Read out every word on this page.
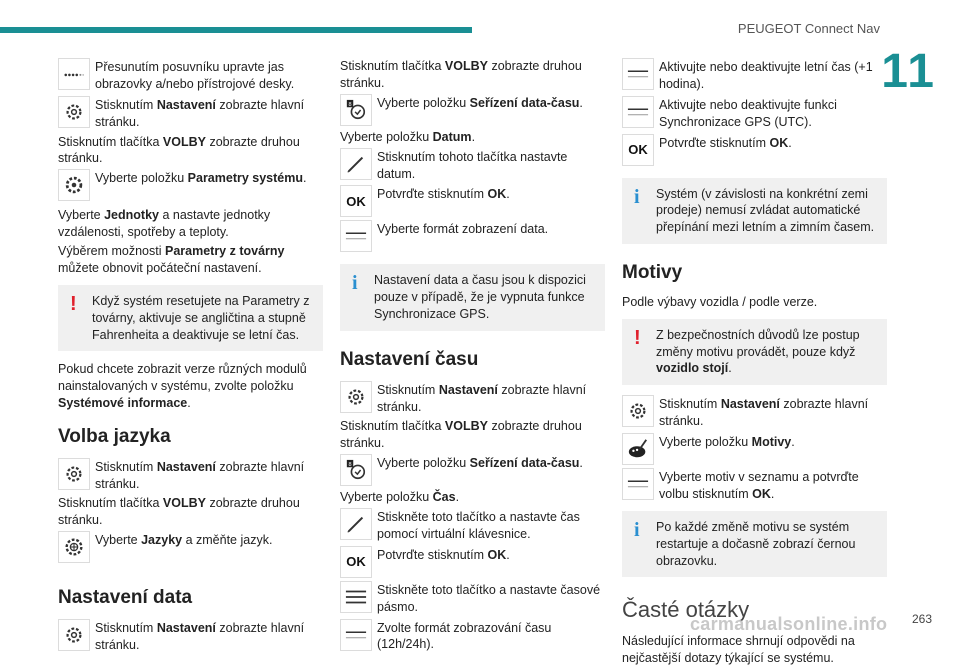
PEUGEOT Connect Nav
11
Přesunutím posuvníku upravte jas obrazovky a/nebo přístrojové desky.
Stisknutím Nastavení zobrazte hlavní stránku.

Stisknutím tlačítka VOLBY zobrazte druhou stránku.

Vyberte položku Parametry systému.

Vyberte Jednotky a nastavte jednotky vzdálenosti, spotřeby a teploty.

Výběrem možnosti Parametry z továrny můžete obnovit počáteční nastavení.

!	Když systém resetujete na Parametry z továrny, aktivuje se angličtina a stupně Fahrenheita a deaktivuje se letní čas.

Pokud chcete zobrazit verze různých modulů nainstalovaných v systému, zvolte položku Systémové informace.

Volba jazyka
Stisknutím Nastavení zobrazte hlavní stránku.

Stisknutím tlačítka VOLBY zobrazte druhou stránku.

Vyberte Jazyky a změňte jazyk.
Nastavení data
Stisknutím Nastavení zobrazte hlavní stránku.

Stisknutím tlačítka VOLBY zobrazte druhou stránku.

8 Vyberte položku Seřízení data-času.

Vyberte položku Datum.

Stisknutím tohoto tlačítka nastavte datum.
OK Potvrďte stisknutím OK.
Vyberte formát zobrazení data.
i	Nastavení data a času jsou k dispozici pouze v případě, že je vypnuta funkce Synchronizace GPS.
Nastavení času
Stisknutím Nastavení zobrazte hlavní stránku.

Stisknutím tlačítka VOLBY zobrazte druhou stránku.

8 Vyberte položku Seřízení data-času.

Vyberte položku Čas.

Stiskněte toto tlačítko a nastavte čas pomocí virtuální klávesnice.
OK Potvrďte stisknutím OK.
Stiskněte toto tlačítko a nastavte časové pásmo.
Zvolte formát zobrazování času (12h/24h).
Aktivujte nebo deaktivujte letní čas (+1 hodina).
Aktivujte nebo deaktivujte funkci Synchronizace GPS (UTC).
OK Potvrďte stisknutím OK.
i	Systém (v závislosti na konkrétní zemi prodeje) nemusí zvládat automatické přepínání mezi letním a zimním časem.
Motivy

Podle výbavy vozidla / podle verze.

!	Z bezpečnostních důvodů lze postup změny motivu provádět, pouze když vozidlo stojí.
Stisknutím Nastavení zobrazte hlavní stránku.
Vyberte položku Motivy.
Vyberte motiv v seznamu a potvrďte volbu stisknutím OK.
i	Po každé změně motivu se systém restartuje a dočasně zobrazí černou obrazovku.
Časté otázky

Následující informace shrnují odpovědi na nejčastější dotazy týkající se systému.

carmanualsonline.info 263
